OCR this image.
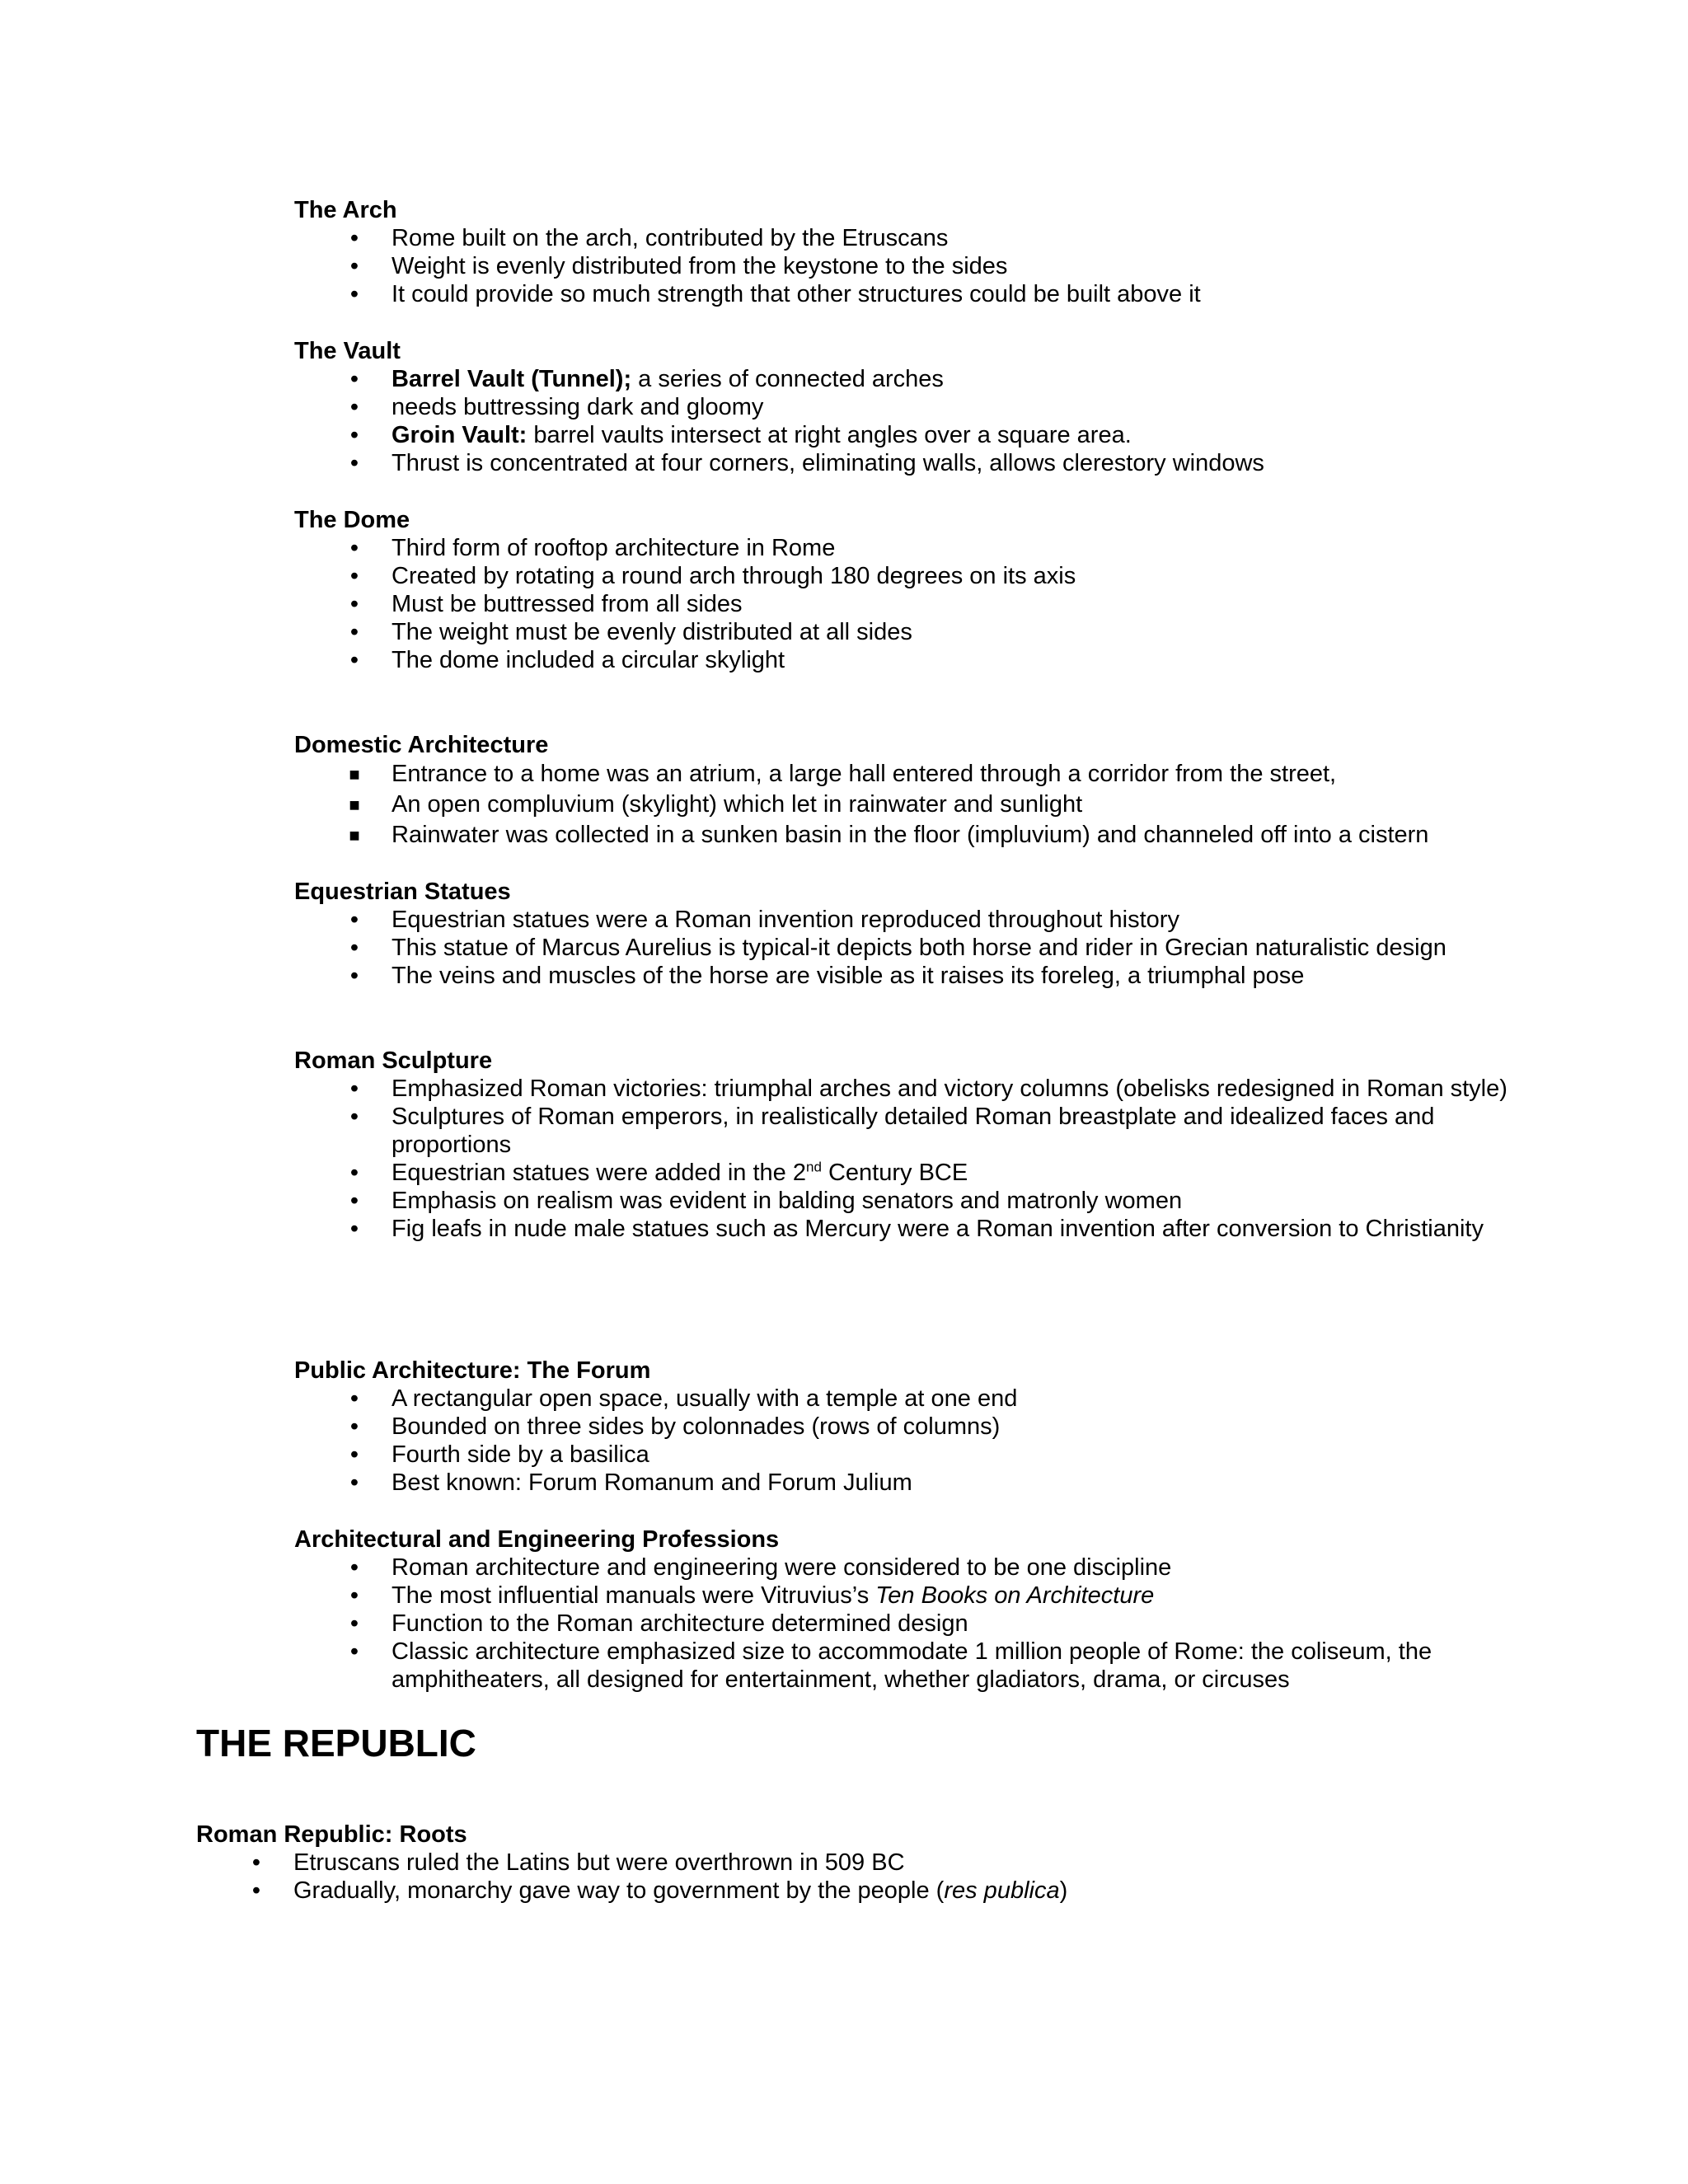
The Arch

•	Rome built on the arch, contributed by the Etruscans
•	Weight is evenly distributed from the keystone to the sides
•	It could provide so much strength that other structures could be built above it

The Vault

•	Barrel Vault (Tunnel); a series of connected arches
•	needs buttressing dark and gloomy
•	Groin Vault: barrel vaults intersect at right angles over a square area.
•	Thrust is concentrated at four corners, eliminating walls, allows clerestory windows

The Dome

•	Third form of rooftop architecture in Rome
•	Created by rotating a round arch through 180 degrees on its axis
•	Must be buttressed from all sides
•	The weight must be evenly distributed at all sides
•	The dome included a circular skylight

Domestic Architecture

■ Entrance to a home was an atrium, a large hall entered through a corridor from the street,
■ An open compluvium (skylight) which let in rainwater and sunlight
■ Rainwater was collected in a sunken basin in the floor (impluvium) and channeled off into a cistern

Equestrian Statues

•	Equestrian statues were a Roman invention reproduced throughout history
•	This statue of Marcus Aurelius is typical-it depicts both horse and rider in Grecian naturalistic design
•	The veins and muscles of the horse are visible as it raises its foreleg, a triumphal pose

Roman Sculpture

•	Emphasized Roman victories: triumphal arches and victory columns (obelisks redesigned in Roman style)
•	Sculptures of Roman emperors, in realistically detailed Roman breastplate and idealized faces and proportions
•	Equestrian statues were added in the 2nd Century BCE
•	Emphasis on realism was evident in balding senators and matronly women
•	Fig leafs in nude male statues such as Mercury were a Roman invention after conversion to Christianity

Public Architecture: The Forum

•	A rectangular open space, usually with a temple at one end
•	Bounded on three sides by colonnades (rows of columns)
•	Fourth side by a basilica
•	Best known: Forum Romanum and Forum Julium

Architectural and Engineering Professions

•	Roman architecture and engineering were considered to be one discipline
•	The most influential manuals were Vitruvius’s Ten Books on Architecture
•	Function to the Roman architecture determined design
•	Classic architecture emphasized size to accommodate 1 million people of Rome: the coliseum, the amphitheaters, all designed for entertainment, whether gladiators, drama, or circuses

THE REPUBLIC

Roman Republic: Roots

•	Etruscans ruled the Latins but were overthrown in 509 BC
•	Gradually, monarchy gave way to government by the people (res publica)
